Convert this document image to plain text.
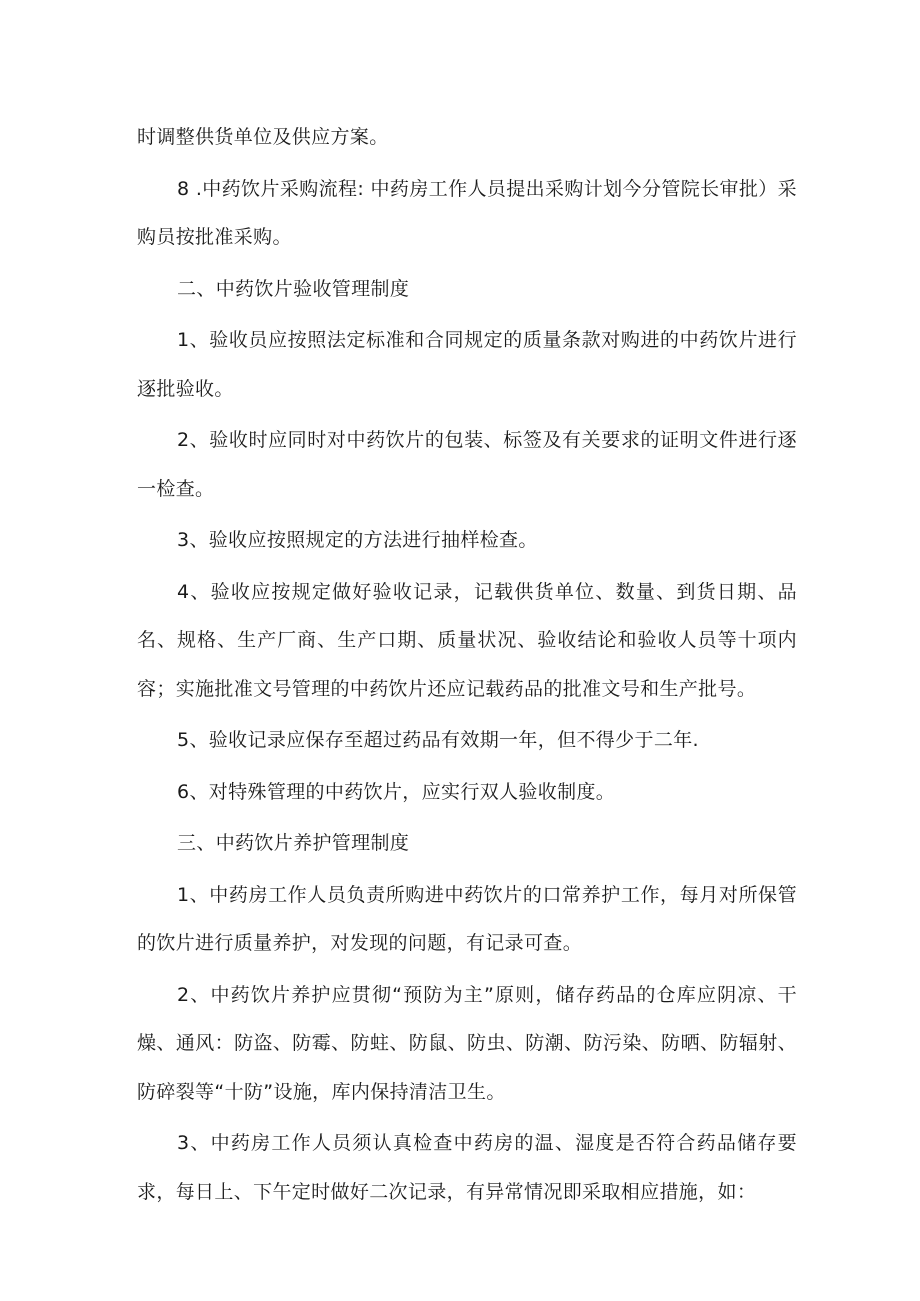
时调整供货单位及供应方案。

8 .中药饮片采购流程: 中药房工作人员提出采购计划今分管院长审批）采购员按批准采购。

二、中药饮片验收管理制度

1、验收员应按照法定标准和合同规定的质量条款对购进的中药饮片进行逐批验收。

2、验收时应同时对中药饮片的包装、标签及有关要求的证明文件进行逐一检查。

3、验收应按照规定的方法进行抽样检查。

4、验收应按规定做好验收记录，记载供货单位、数量、到货日期、品名、规格、生产厂商、生产口期、质量状况、验收结论和验收人员等十项内容；实施批准文号管理的中药饮片还应记载药品的批准文号和生产批号。

5、验收记录应保存至超过药品有效期一年，但不得少于二年.

6、对特殊管理的中药饮片，应实行双人验收制度。

三、中药饮片养护管理制度

1、中药房工作人员负责所购进中药饮片的口常养护工作，每月对所保管的饮片进行质量养护，对发现的问题，有记录可查。

2、中药饮片养护应贯彻“预防为主”原则，储存药品的仓库应阴凉、干燥、通风：防盗、防霉、防蛀、防鼠、防虫、防潮、防污染、防晒、防辐射、防碎裂等“十防”设施，库内保持清洁卫生。

3、中药房工作人员须认真检查中药房的温、湿度是否符合药品储存要求，每日上、下午定时做好二次记录，有异常情况即采取相应措施，如：
